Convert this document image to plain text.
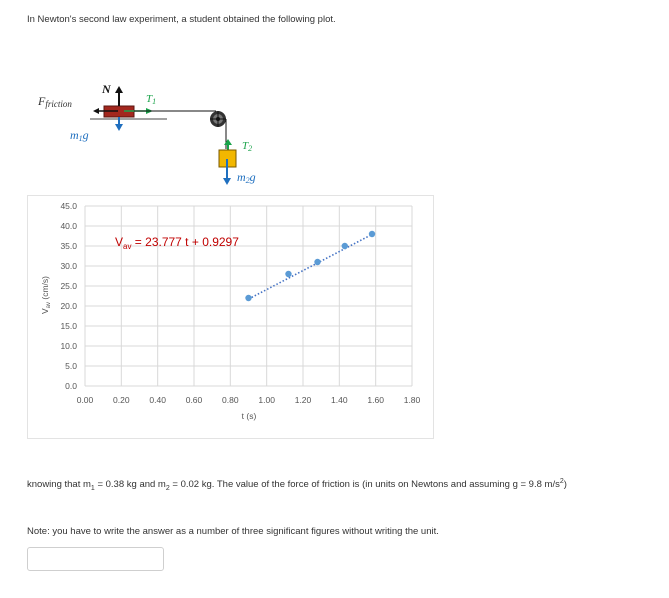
In Newton's second law experiment, a student obtained the following plot.
Ffriction
N
T1
m1g
T2
m2g
0.0
5.0
10.0
15.0
20.0
25.0
30.0
35.0
40.0
45.0
0.00 0.20 0.40 0.60 0.80 1.00 1.20 1.40 1.60 1.80
$V_{av} = 23.777$ t + 0.9297
$V_{av}$ (cm/s)
t (s)
knowing that $m_1 = 0.38$ kg and $m_2 = 0.02$ kg. The value of the force of friction is (in units on Newtons and assuming g = 9.8 $m/s^2$)
Note: you have to write the answer as a number of three significant figures without writing the unit.
